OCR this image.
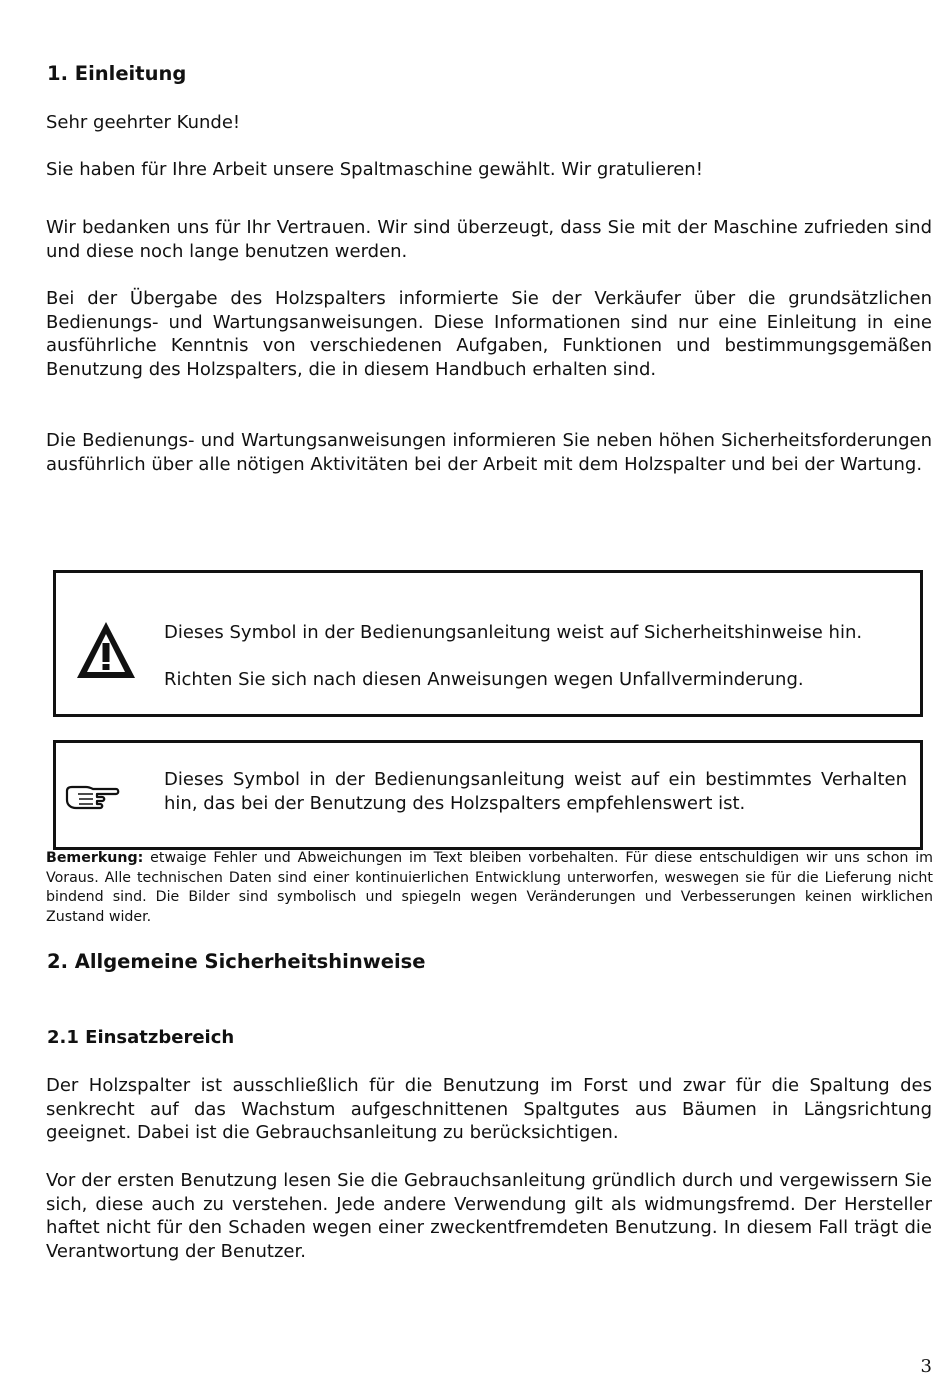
1. Einleitung

Sehr geehrter Kunde!

Sie haben für Ihre Arbeit unsere Spaltmaschine gewählt. Wir gratulieren!

Wir bedanken uns für Ihr Vertrauen. Wir sind überzeugt, dass Sie mit der Maschine zufrieden sind und diese noch lange benutzen werden.

Bei der Übergabe des Holzspalters informierte Sie der Verkäufer über die grundsätzlichen Bedienungs- und Wartungsanweisungen. Diese Informationen sind nur eine Einleitung in eine ausführliche Kenntnis von verschiedenen Aufgaben, Funktionen und bestimmungsgemäßen Benutzung des Holzspalters, die in diesem Handbuch erhalten sind.

Die Bedienungs- und Wartungsanweisungen informieren Sie neben höhen Sicherheitsforderungen ausführlich über alle nötigen Aktivitäten bei der Arbeit mit dem Holzspalter und bei der Wartung.

Dieses Symbol in der Bedienungsanleitung weist auf Sicherheitshinweise hin.

Richten Sie sich nach diesen Anweisungen wegen Unfallverminderung.

Dieses Symbol in der Bedienungsanleitung weist auf ein bestimmtes Verhalten hin, das bei der Benutzung des Holzspalters empfehlenswert ist.

Bemerkung: etwaige Fehler und Abweichungen im Text bleiben vorbehalten. Für diese entschuldigen wir uns schon im Voraus. Alle technischen Daten sind einer kontinuierlichen Entwicklung unterworfen, weswegen sie für die Lieferung nicht bindend sind. Die Bilder sind symbolisch und spiegeln wegen Veränderungen und Verbesserungen keinen wirklichen Zustand wider.

2. Allgemeine Sicherheitshinweise
2.1 Einsatzbereich

Der Holzspalter ist ausschließlich für die Benutzung im Forst und zwar für die Spaltung des senkrecht auf das Wachstum aufgeschnittenen Spaltgutes aus Bäumen in Längsrichtung geeignet. Dabei ist die Gebrauchsanleitung zu berücksichtigen.

Vor der ersten Benutzung lesen Sie die Gebrauchsanleitung gründlich durch und vergewissern Sie sich, diese auch zu verstehen. Jede andere Verwendung gilt als widmungsfremd. Der Hersteller haftet nicht für den Schaden wegen einer zweckentfremdeten Benutzung. In diesem Fall trägt die Verantwortung der Benutzer.

3
